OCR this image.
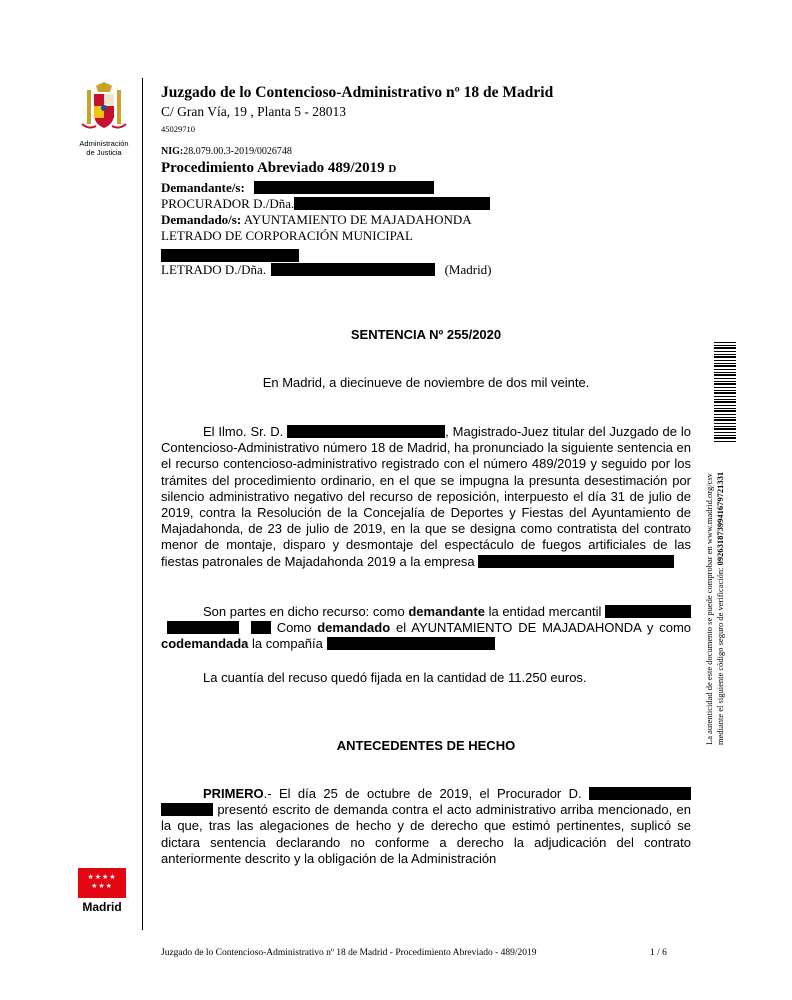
Administración
de Justicia
★★★★
★★★
Madrid
Juzgado de lo Contencioso-Administrativo nº 18 de Madrid
C/ Gran Vía, 19 , Planta 5 - 28013
45029710
NIG:28.079.00.3-2019/0026748
Procedimiento Abreviado 489/2019 D
Demandante/s:
PROCURADOR D./Dña.
Demandado/s: AYUNTAMIENTO DE MAJADAHONDA
LETRADO DE CORPORACIÓN MUNICIPAL
LETRADO D./Dña.	(Madrid)
SENTENCIA Nº 255/2020
En Madrid, a diecinueve de noviembre de dos mil veinte.
El Ilmo. Sr. D.	, Magistrado-Juez titular del Juzgado de lo Contencioso-Administrativo número 18 de Madrid, ha pronunciado la siguiente sentencia en el recurso contencioso-administrativo registrado con el número 489/2019 y seguido por los trámites del procedimiento ordinario, en el que se impugna la presunta desestimación por silencio administrativo negativo del recurso de reposición, interpuesto el día 31 de julio de 2019, contra la Resolución de la Concejalía de Deportes y Fiestas del Ayuntamiento de Majadahonda, de 23 de julio de 2019, en la que se designa como contratista del contrato menor de montaje, disparo y desmontaje del espectáculo de fuegos artificiales de las fiestas patronales de Majadahonda 2019 a la empresa
Son partes en dicho recurso: como demandante la entidad mercantil    Como demandado el AYUNTAMIENTO DE MAJADAHONDA y como codemandada la compañía
La cuantía del recuso quedó fijada en la cantidad de 11.250 euros.
ANTECEDENTES DE HECHO
PRIMERO.- El día 25 de octubre de 2019, el Procurador D.   presentó escrito de demanda contra el acto administrativo arriba mencionado, en la que, tras las alegaciones de hecho y de derecho que estimó pertinentes, suplicó se dictara sentencia declarando no conforme a derecho la adjudicación del contrato anteriormente descrito y la obligación de la Administración
Juzgado de lo Contencioso-Administrativo nº 18 de Madrid - Procedimiento Abreviado - 489/2019	1 / 6
La autenticidad de este documento se puede comprobar en www.madrid.org/csv mediante el siguiente código seguro de verificación: 0926318739941679721331
